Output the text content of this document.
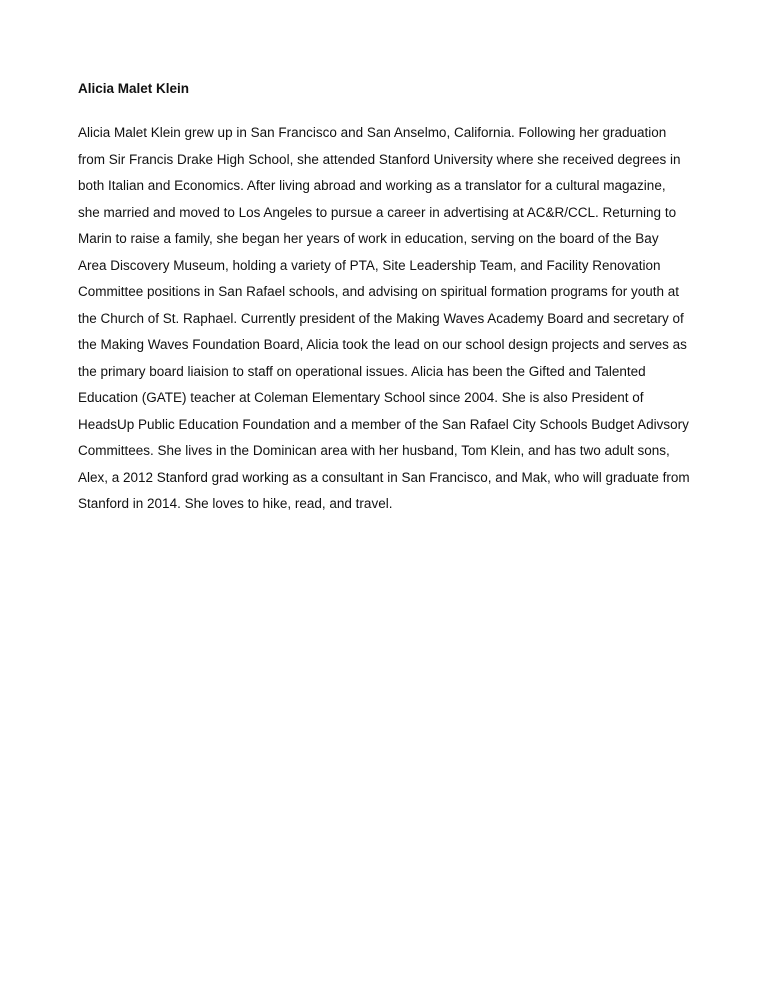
Alicia Malet Klein

Alicia Malet Klein grew up in San Francisco and San Anselmo, California. Following her graduation from Sir Francis Drake High School, she attended Stanford University where she received degrees in both Italian and Economics. After living abroad and working as a translator for a cultural magazine, she married and moved to Los Angeles to pursue a career in advertising at AC&R/CCL. Returning to Marin to raise a family, she began her years of work in education, serving on the board of the Bay Area Discovery Museum, holding a variety of PTA, Site Leadership Team, and Facility Renovation Committee positions in San Rafael schools, and advising on spiritual formation programs for youth at the Church of St. Raphael. Currently president of the Making Waves Academy Board and secretary of the Making Waves Foundation Board, Alicia took the lead on our school design projects and serves as the primary board liaision to staff on operational issues. Alicia has been the Gifted and Talented Education (GATE) teacher at Coleman Elementary School since 2004. She is also President of HeadsUp Public Education Foundation and a member of the San Rafael City Schools Budget Adivsory Committees. She lives in the Dominican area with her husband, Tom Klein, and has two adult sons, Alex, a 2012 Stanford grad working as a consultant in San Francisco, and Mak, who will graduate from Stanford in 2014. She loves to hike, read, and travel.
